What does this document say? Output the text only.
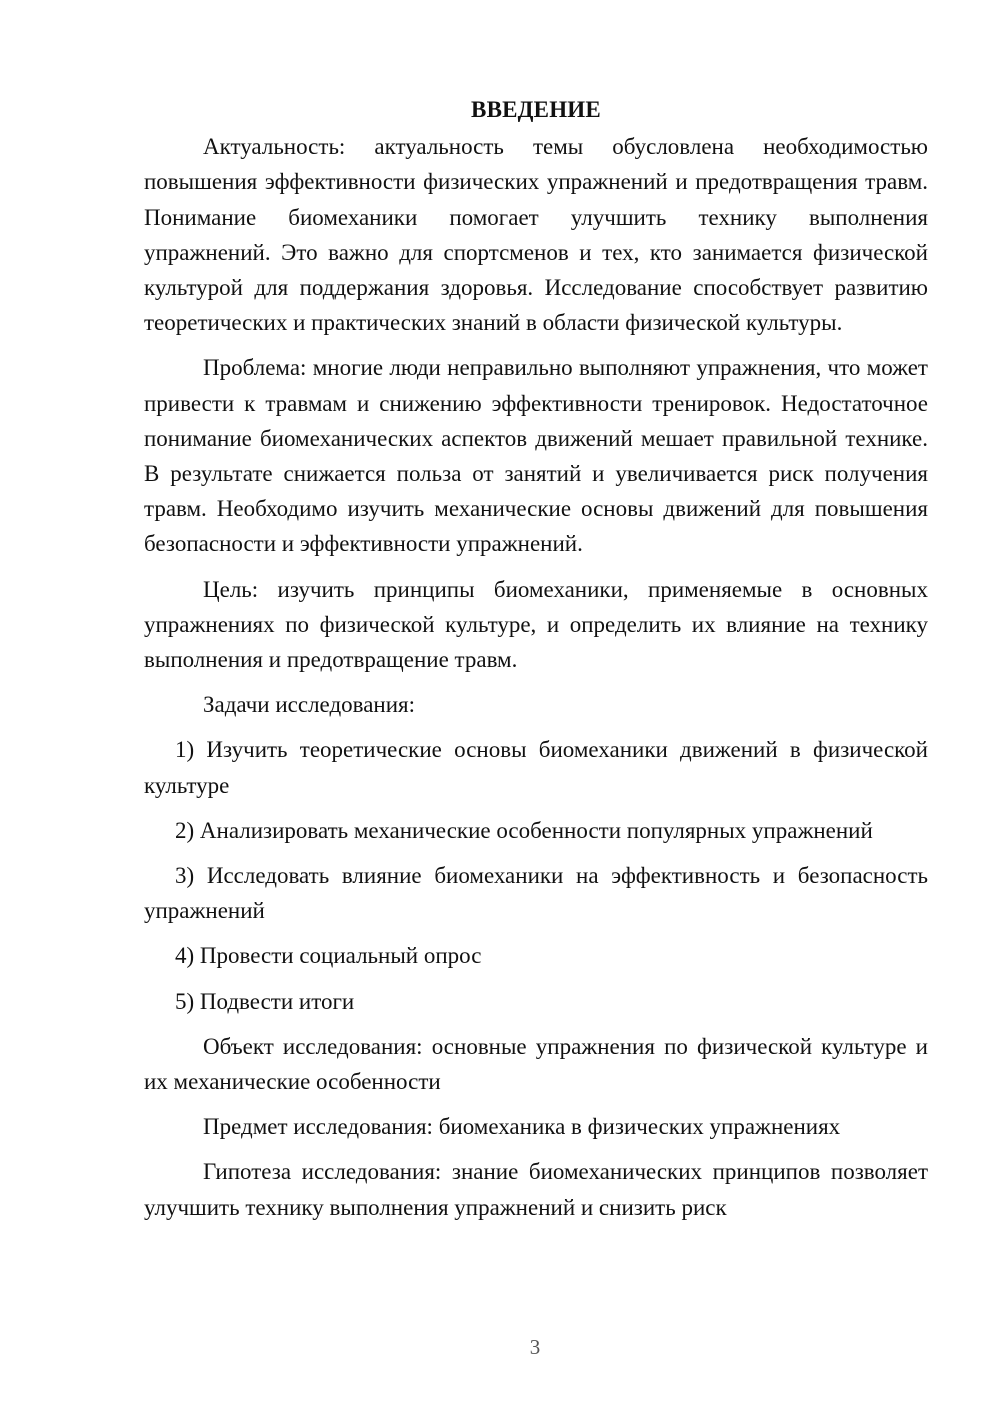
ВВЕДЕНИЕ

Актуальность: актуальность темы обусловлена необходимостью повышения эффективности физических упражнений и предотвращения травм. Понимание биомеханики помогает улучшить технику выполнения упражнений. Это важно для спортсменов и тех, кто занимается физической культурой для поддержания здоровья. Исследование способствует развитию теоретических и практических знаний в области физической культуры.

Проблема: многие люди неправильно выполняют упражнения, что может привести к травмам и снижению эффективности тренировок. Недостаточное понимание биомеханических аспектов движений мешает правильной технике. В результате снижается польза от занятий и увеличивается риск получения травм. Необходимо изучить механические основы движений для повышения безопасности и эффективности упражнений.

Цель: изучить принципы биомеханики, применяемые в основных упражнениях по физической культуре, и определить их влияние на технику выполнения и предотвращение травм.

Задачи исследования:

1) Изучить теоретические основы биомеханики движений в физической культуре

2) Анализировать механические особенности популярных упражнений

3) Исследовать влияние биомеханики на эффективность и безопасность упражнений

4) Провести социальный опрос

5) Подвести итоги

Объект исследования: основные упражнения по физической культуре и их механические особенности

Предмет исследования: биомеханика в физических упражнениях

Гипотеза исследования: знание биомеханических принципов позволяет улучшить технику выполнения упражнений и снизить риск

3
